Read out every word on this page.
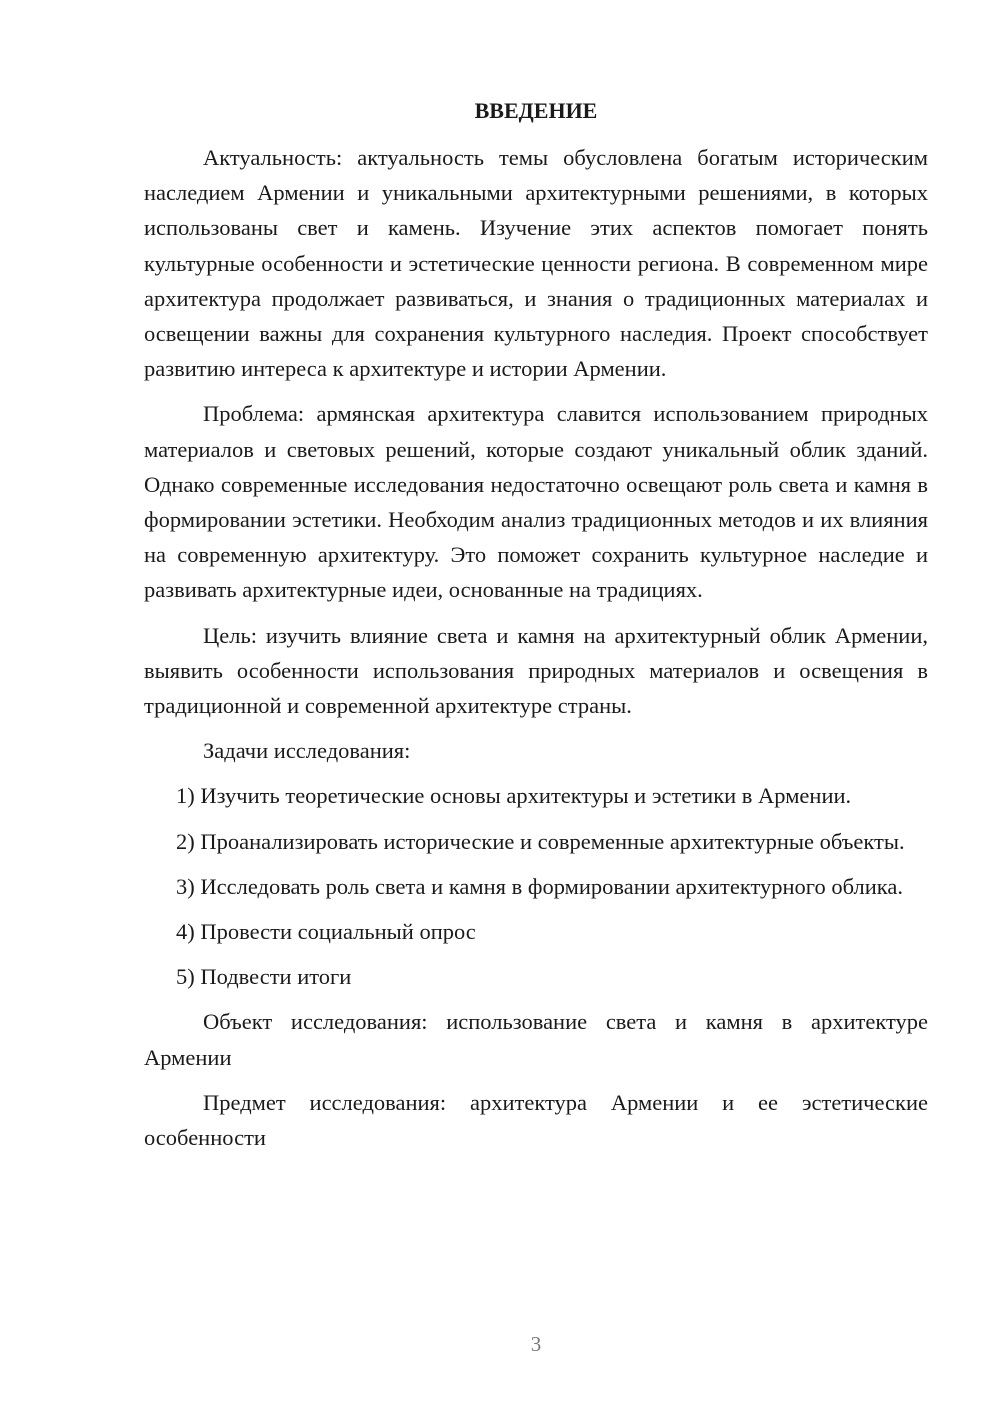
ВВЕДЕНИЕ

Актуальность: актуальность темы обусловлена богатым историческим наследием Армении и уникальными архитектурными решениями, в которых использованы свет и камень. Изучение этих аспектов помогает понять культурные особенности и эстетические ценности региона. В современном мире архитектура продолжает развиваться, и знания о традиционных материалах и освещении важны для сохранения культурного наследия. Проект способствует развитию интереса к архитектуре и истории Армении.

Проблема: армянская архитектура славится использованием природных материалов и световых решений, которые создают уникальный облик зданий. Однако современные исследования недостаточно освещают роль света и камня в формировании эстетики. Необходим анализ традиционных методов и их влияния на современную архитектуру. Это поможет сохранить культурное наследие и развивать архитектурные идеи, основанные на традициях.

Цель: изучить влияние света и камня на архитектурный облик Армении, выявить особенности использования природных материалов и освещения в традиционной и современной архитектуре страны.

Задачи исследования:

1) Изучить теоретические основы архитектуры и эстетики в Армении.

2) Проанализировать исторические и современные архитектурные объекты.

3) Исследовать роль света и камня в формировании архитектурного облика.

4) Провести социальный опрос

5) Подвести итоги

Объект исследования: использование света и камня в архитектуре Армении

Предмет исследования: архитектура Армении и ее эстетические особенности

3
